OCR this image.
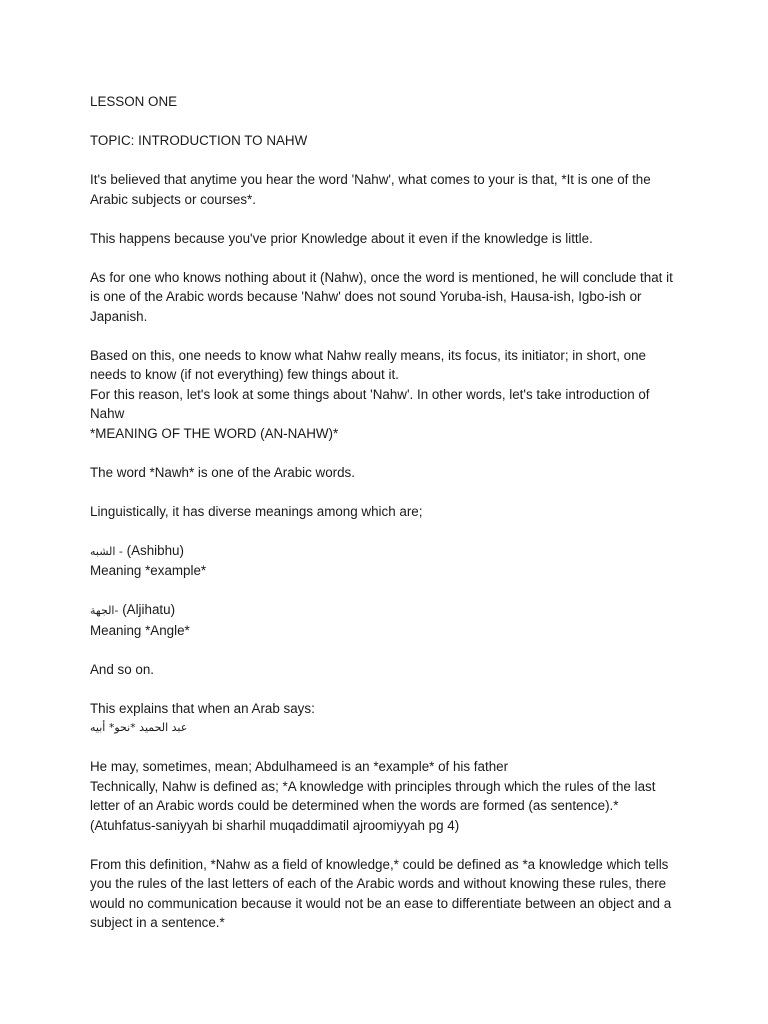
LESSON ONE

TOPIC: INTRODUCTION TO NAHW

It's believed that anytime you hear the word 'Nahw', what comes to your is that, *It is one of the Arabic subjects or courses*.

This happens because you've prior Knowledge about it even if the knowledge is little.

As for one who knows nothing about it (Nahw), once the word is mentioned, he will conclude that it is one of the Arabic words because 'Nahw' does not sound Yoruba-ish, Hausa-ish, Igbo-ish or Japanish.

Based on this, one needs to know what Nahw really means, its focus, its initiator; in short, one needs to know (if not everything) few things about it.

For this reason, let's look at some things about 'Nahw'. In other words, let's take introduction of Nahw

*MEANING OF THE WORD (AN-NAHW)*

The word *Nawh* is one of the Arabic words.

Linguistically, it has diverse meanings among which are;

الشبه - (Ashibhu)

Meaning *example*

الجهة- (Aljihatu)

Meaning *Angle*

And so on.

This explains that when an Arab says:

عبد الحميد *نحو* أبيه

He may, sometimes, mean; Abdulhameed is an *example* of his father

Technically, Nahw is defined as; *A knowledge with principles through which the rules of the last letter of an Arabic words could be determined when the words are formed (as sentence).*

(Atuhfatus-saniyyah bi sharhil muqaddimatil ajroomiyyah pg 4)

From this definition, *Nahw as a field of knowledge,* could be defined as *a knowledge which tells you the rules of the last letters of each of the Arabic words and without knowing these rules, there would no communication because it would not be an ease to differentiate between an object and a subject in a sentence.*
